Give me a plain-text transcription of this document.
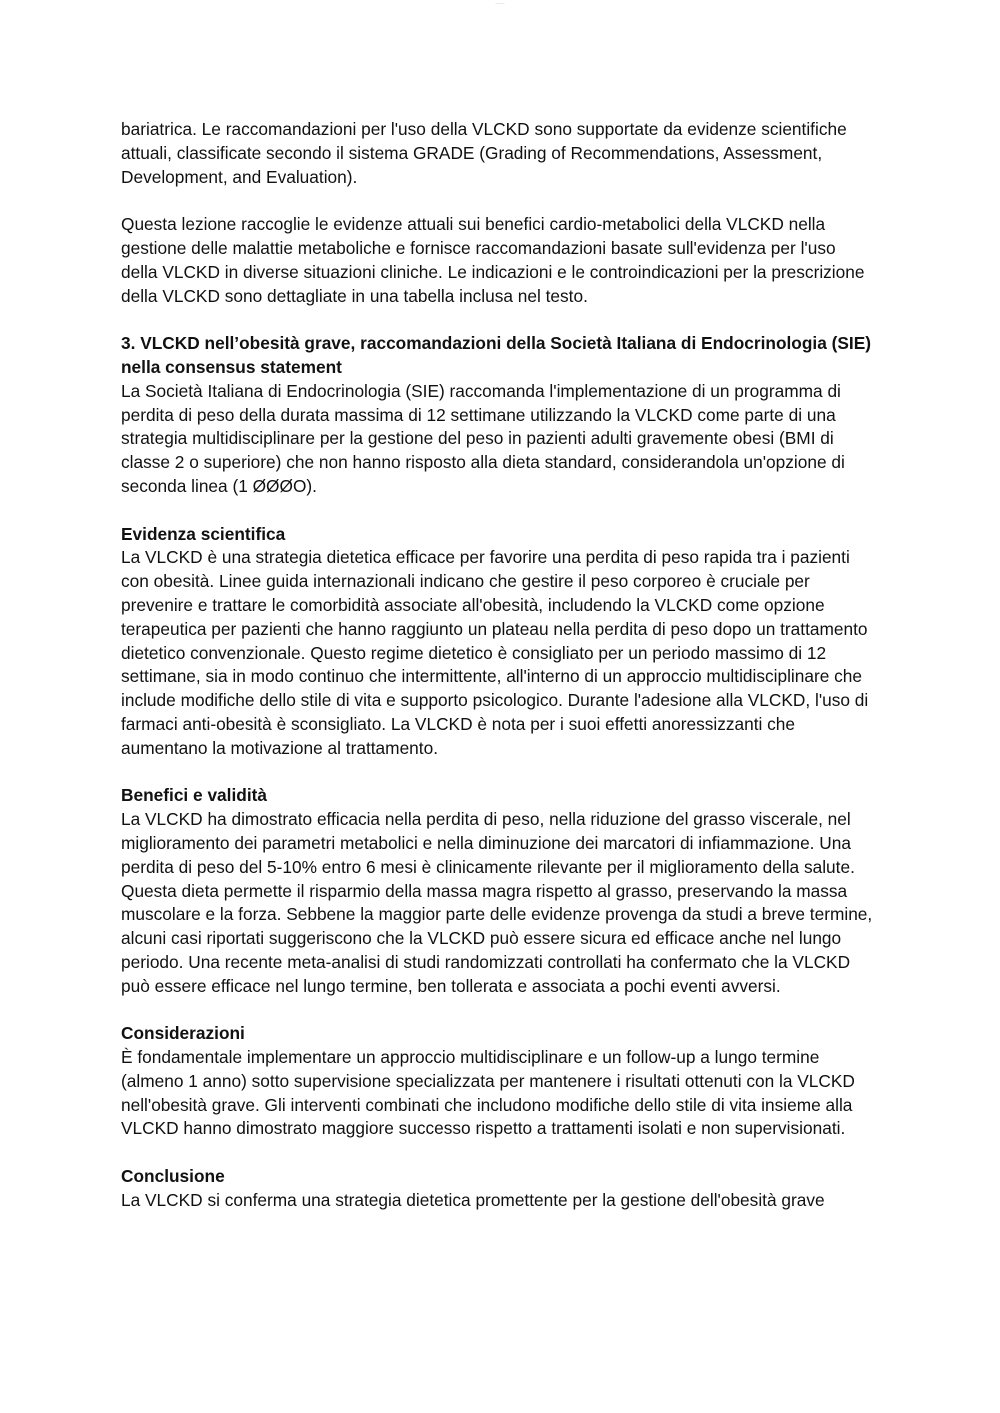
———

bariatrica. Le raccomandazioni per l'uso della VLCKD sono supportate da evidenze scientifiche attuali, classificate secondo il sistema GRADE (Grading of Recommendations, Assessment, Development, and Evaluation).

Questa lezione raccoglie le evidenze attuali sui benefici cardio-metabolici della VLCKD nella gestione delle malattie metaboliche e fornisce raccomandazioni basate sull'evidenza per l'uso della VLCKD in diverse situazioni cliniche. Le indicazioni e le controindicazioni per la prescrizione della VLCKD sono dettagliate in una tabella inclusa nel testo.

3. VLCKD nell’obesità grave, raccomandazioni della Società Italiana di Endocrinologia (SIE) nella consensus statement

La Società Italiana di Endocrinologia (SIE) raccomanda l'implementazione di un programma di perdita di peso della durata massima di 12 settimane utilizzando la VLCKD come parte di una strategia multidisciplinare per la gestione del peso in pazienti adulti gravemente obesi (BMI di classe 2 o superiore) che non hanno risposto alla dieta standard, considerandola un'opzione di seconda linea (1 ØØØO).

Evidenza scientifica

La VLCKD è una strategia dietetica efficace per favorire una perdita di peso rapida tra i pazienti con obesità. Linee guida internazionali indicano che gestire il peso corporeo è cruciale per prevenire e trattare le comorbidità associate all'obesità, includendo la VLCKD come opzione terapeutica per pazienti che hanno raggiunto un plateau nella perdita di peso dopo un trattamento dietetico convenzionale. Questo regime dietetico è consigliato per un periodo massimo di 12 settimane, sia in modo continuo che intermittente, all'interno di un approccio multidisciplinare che include modifiche dello stile di vita e supporto psicologico. Durante l'adesione alla VLCKD, l'uso di farmaci anti-obesità è sconsigliato. La VLCKD è nota per i suoi effetti anoressizzanti che aumentano la motivazione al trattamento.

Benefici e validità

La VLCKD ha dimostrato efficacia nella perdita di peso, nella riduzione del grasso viscerale, nel miglioramento dei parametri metabolici e nella diminuzione dei marcatori di infiammazione. Una perdita di peso del 5-10% entro 6 mesi è clinicamente rilevante per il miglioramento della salute. Questa dieta permette il risparmio della massa magra rispetto al grasso, preservando la massa muscolare e la forza. Sebbene la maggior parte delle evidenze provenga da studi a breve termine, alcuni casi riportati suggeriscono che la VLCKD può essere sicura ed efficace anche nel lungo periodo. Una recente meta-analisi di studi randomizzati controllati ha confermato che la VLCKD può essere efficace nel lungo termine, ben tollerata e associata a pochi eventi avversi.

Considerazioni

È fondamentale implementare un approccio multidisciplinare e un follow-up a lungo termine (almeno 1 anno) sotto supervisione specializzata per mantenere i risultati ottenuti con la VLCKD nell'obesità grave. Gli interventi combinati che includono modifiche dello stile di vita insieme alla VLCKD hanno dimostrato maggiore successo rispetto a trattamenti isolati e non supervisionati.

Conclusione

La VLCKD si conferma una strategia dietetica promettente per la gestione dell'obesità grave
